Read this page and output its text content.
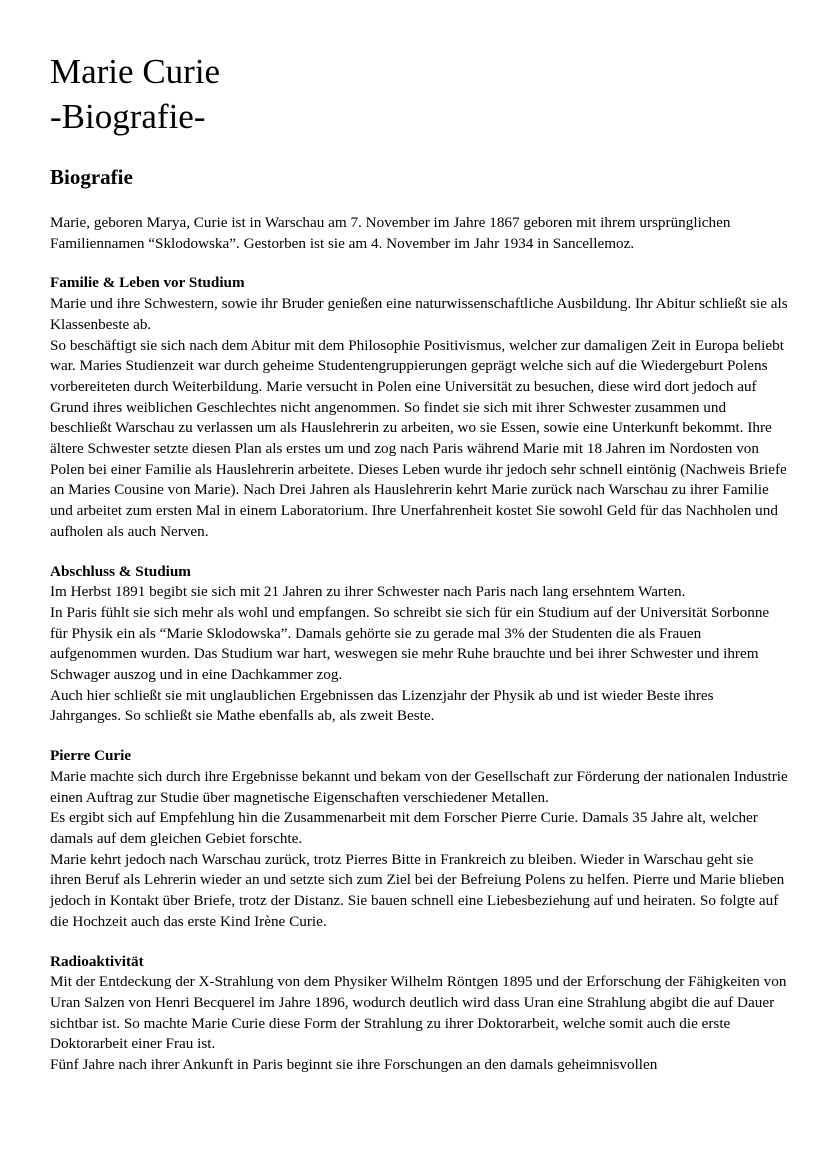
Marie Curie
-Biografie-
Biografie

Marie, geboren Marya, Curie ist in Warschau am 7. November im Jahre 1867 geboren mit ihrem ursprünglichen Familiennamen “Sklodowska”. Gestorben ist sie am 4. November im Jahr 1934 in Sancellemoz.

Familie & Leben vor Studium

Marie und ihre Schwestern, sowie ihr Bruder genießen eine naturwissenschaftliche Ausbildung. Ihr Abitur schließt sie als Klassenbeste ab.

So beschäftigt sie sich nach dem Abitur mit dem Philosophie Positivismus, welcher zur damaligen Zeit in Europa beliebt war. Maries Studienzeit war durch geheime Studentengruppierungen geprägt welche sich auf die Wiedergeburt Polens vorbereiteten durch Weiterbildung. Marie versucht in Polen eine Universität zu besuchen, diese wird dort jedoch auf Grund ihres weiblichen Geschlechtes nicht angenommen. So findet sie sich mit ihrer Schwester zusammen und beschließt Warschau zu verlassen um als Hauslehrerin zu arbeiten, wo sie Essen, sowie eine Unterkunft bekommt. Ihre ältere Schwester setzte diesen Plan als erstes um und zog nach Paris während Marie mit 18 Jahren im Nordosten von Polen bei einer Familie als Hauslehrerin arbeitete. Dieses Leben wurde ihr jedoch sehr schnell eintönig (Nachweis Briefe an Maries Cousine von Marie). Nach Drei Jahren als Hauslehrerin kehrt Marie zurück nach Warschau zu ihrer Familie und arbeitet zum ersten Mal in einem Laboratorium. Ihre Unerfahrenheit kostet Sie sowohl Geld für das Nachholen und aufholen als auch Nerven.

Abschluss & Studium

Im Herbst 1891 begibt sie sich mit 21 Jahren zu ihrer Schwester nach Paris nach lang ersehntem Warten.

In Paris fühlt sie sich mehr als wohl und empfangen. So schreibt sie sich für ein Studium auf der Universität Sorbonne für Physik ein als “Marie Sklodowska”. Damals gehörte sie zu gerade mal 3% der Studenten die als Frauen aufgenommen wurden. Das Studium war hart, weswegen sie mehr Ruhe brauchte und bei ihrer Schwester und ihrem Schwager auszog und in eine Dachkammer zog.

Auch hier schließt sie mit unglaublichen Ergebnissen das Lizenzjahr der Physik ab und ist wieder Beste ihres Jahrganges. So schließt sie Mathe ebenfalls ab, als zweit Beste.

Pierre Curie

Marie machte sich durch ihre Ergebnisse bekannt und bekam von der Gesellschaft zur Förderung der nationalen Industrie einen Auftrag zur Studie über magnetische Eigenschaften verschiedener Metallen.

Es ergibt sich auf Empfehlung hin die Zusammenarbeit mit dem Forscher Pierre Curie. Damals 35 Jahre alt, welcher damals auf dem gleichen Gebiet forschte.

Marie kehrt jedoch nach Warschau zurück, trotz Pierres Bitte in Frankreich zu bleiben. Wieder in Warschau geht sie ihren Beruf als Lehrerin wieder an und setzte sich zum Ziel bei der Befreiung Polens zu helfen. Pierre und Marie blieben jedoch in Kontakt über Briefe, trotz der Distanz. Sie bauen schnell eine Liebesbeziehung auf und heiraten. So folgte auf die Hochzeit auch das erste Kind Irène Curie.

Radioaktivität

Mit der Entdeckung der X-Strahlung von dem Physiker Wilhelm Röntgen 1895 und der Erforschung der Fähigkeiten von Uran Salzen von Henri Becquerel im Jahre 1896, wodurch deutlich wird dass Uran eine Strahlung abgibt die auf Dauer sichtbar ist. So machte Marie Curie diese Form der Strahlung zu ihrer Doktorarbeit, welche somit auch die erste Doktorarbeit einer Frau ist.

Fünf Jahre nach ihrer Ankunft in Paris beginnt sie ihre Forschungen an den damals geheimnisvollen
